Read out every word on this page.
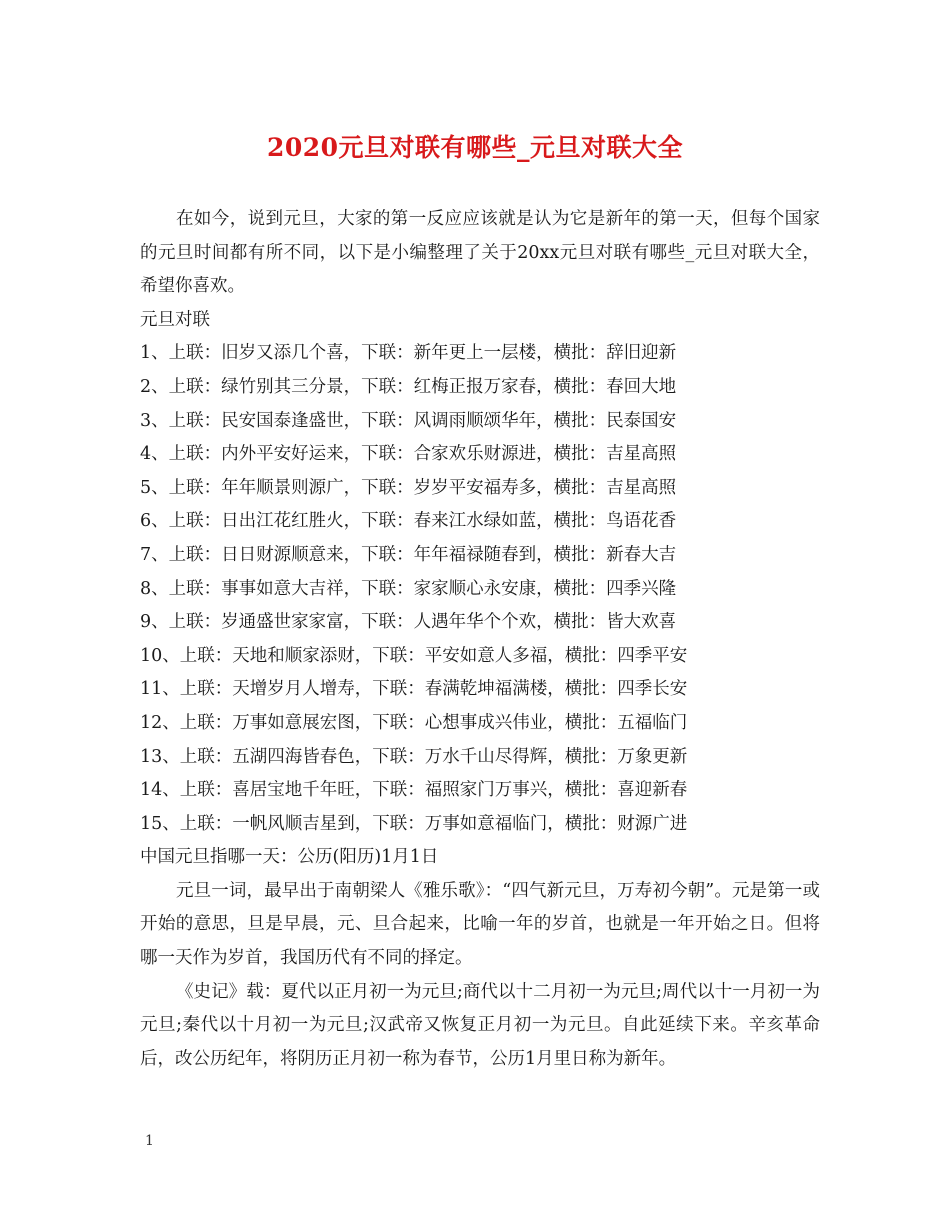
2020元旦对联有哪些_元旦对联大全

在如今，说到元旦，大家的第一反应应该就是认为它是新年的第一天，但每个国家的元旦时间都有所不同，以下是小编整理了关于20xx元旦对联有哪些_元旦对联大全，希望你喜欢。

元旦对联

1、上联：旧岁又添几个喜，下联：新年更上一层楼，横批：辞旧迎新

2、上联：绿竹别其三分景，下联：红梅正报万家春，横批：春回大地

3、上联：民安国泰逢盛世，下联：风调雨顺颂华年，横批：民泰国安

4、上联：内外平安好运来，下联：合家欢乐财源进，横批：吉星高照

5、上联：年年顺景则源广，下联：岁岁平安福寿多，横批：吉星高照

6、上联：日出江花红胜火，下联：春来江水绿如蓝，横批：鸟语花香

7、上联：日日财源顺意来，下联：年年福禄随春到，横批：新春大吉

8、上联：事事如意大吉祥，下联：家家顺心永安康，横批：四季兴隆

9、上联：岁通盛世家家富，下联：人遇年华个个欢，横批：皆大欢喜

10、上联：天地和顺家添财，下联：平安如意人多福，横批：四季平安

11、上联：天增岁月人增寿，下联：春满乾坤福满楼，横批：四季长安

12、上联：万事如意展宏图，下联：心想事成兴伟业，横批：五福临门

13、上联：五湖四海皆春色，下联：万水千山尽得辉，横批：万象更新

14、上联：喜居宝地千年旺，下联：福照家门万事兴，横批：喜迎新春

15、上联：一帆风顺吉星到，下联：万事如意福临门，横批：财源广进

中国元旦指哪一天：公历(阳历)1月1日

元旦一词，最早出于南朝梁人《雅乐歌》：“四气新元旦，万寿初今朝”。元是第一或开始的意思，旦是早晨，元、旦合起来，比喻一年的岁首，也就是一年开始之日。但将哪一天作为岁首，我国历代有不同的择定。

《史记》载：夏代以正月初一为元旦;商代以十二月初一为元旦;周代以十一月初一为元旦;秦代以十月初一为元旦;汉武帝又恢复正月初一为元旦。自此延续下来。辛亥革命后，改公历纪年，将阴历正月初一称为春节，公历1月里日称为新年。

1
